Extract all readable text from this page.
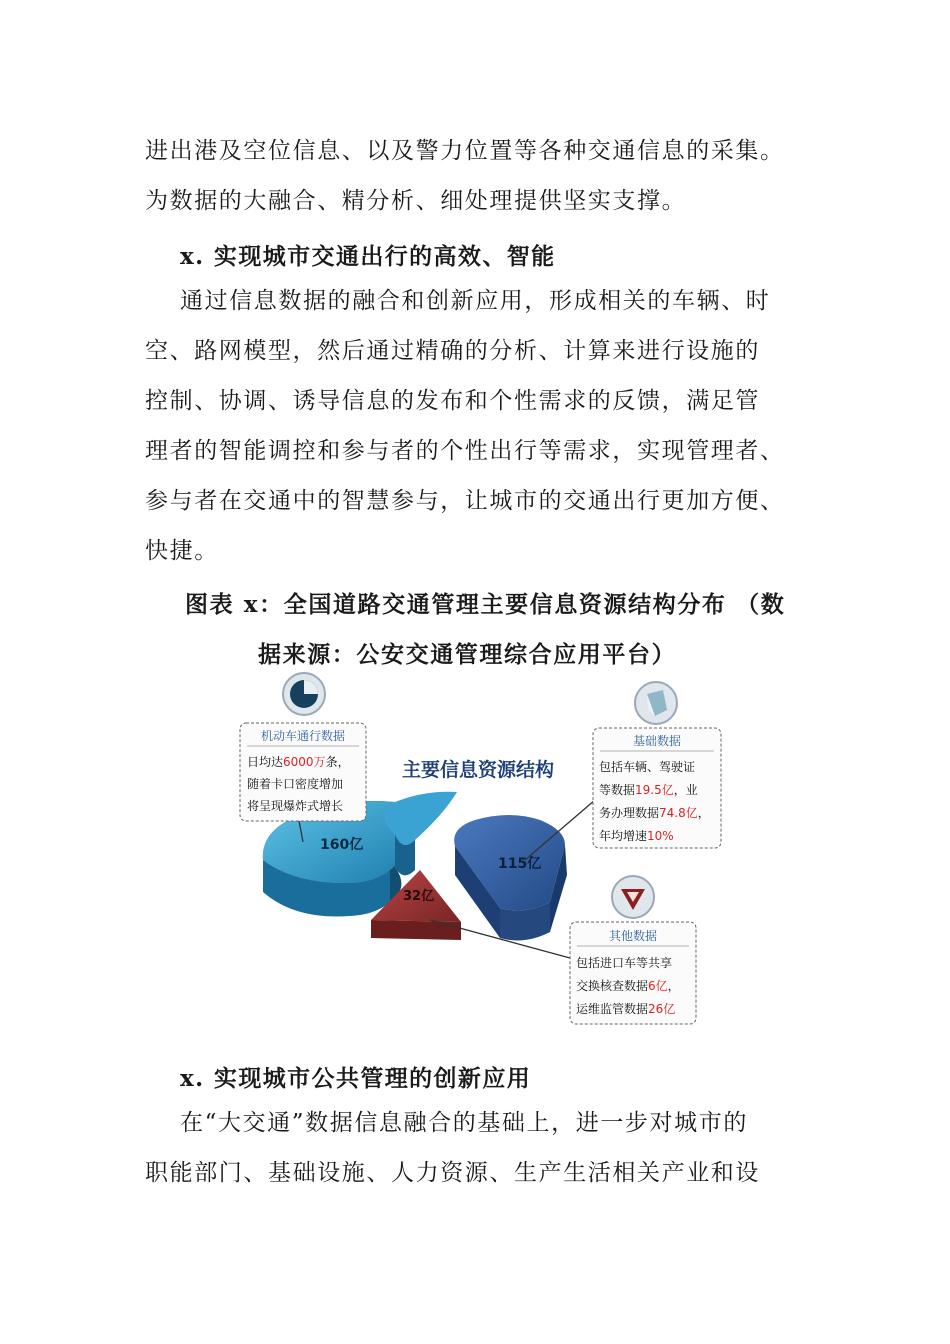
进出港及空位信息、以及警力位置等各种交通信息的采集。
为数据的大融合、精分析、细处理提供坚实支撑。
x. 实现城市交通出行的高效、智能
通过信息数据的融合和创新应用，形成相关的车辆、时
空、路网模型，然后通过精确的分析、计算来进行设施的
控制、协调、诱导信息的发布和个性需求的反馈，满足管
理者的智能调控和参与者的个性出行等需求，实现管理者、
参与者在交通中的智慧参与，让城市的交通出行更加方便、
快捷。
图表 x：全国道路交通管理主要信息资源结构分布 （数
据来源：公安交通管理综合应用平台）
主要信息资源结构
160亿
115亿
32亿
机动车通行数据
日均达6000万条，
随着卡口密度增加
将呈现爆炸式增长
基础数据
包括车辆、驾驶证
等数据19.5亿，业
务办理数据74.8亿，
年均增速10%
其他数据
包括进口车等共享
交换核查数据6亿，
运维监管数据26亿
x. 实现城市公共管理的创新应用
在“大交通”数据信息融合的基础上，进一步对城市的
职能部门、基础设施、人力资源、生产生活相关产业和设
